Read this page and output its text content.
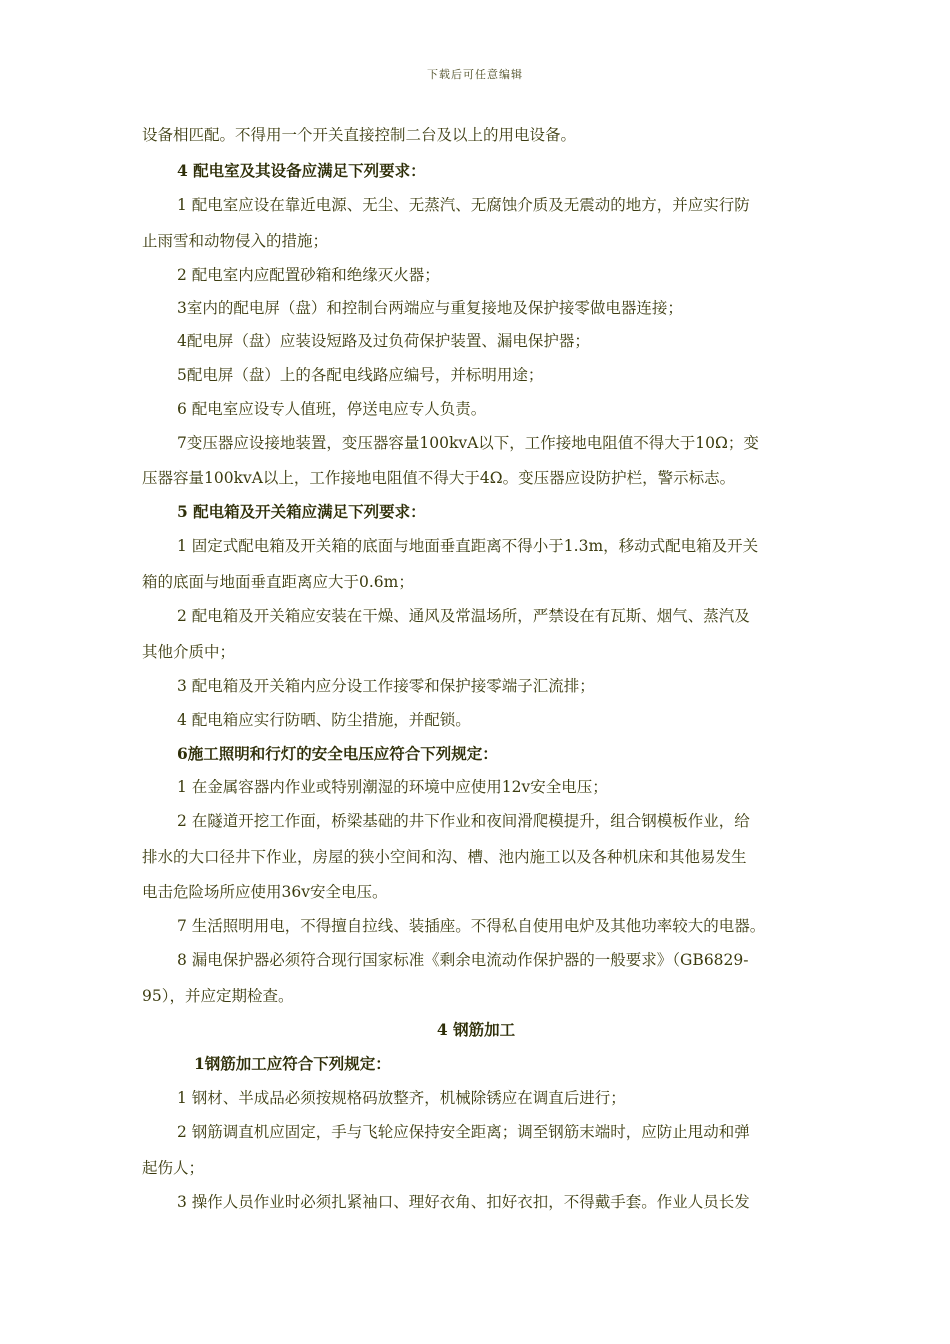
下载后可任意编辑
设备相匹配。不得用一个开关直接控制二台及以上的用电设备。
4 配电室及其设备应满足下列要求：
1 配电室应设在靠近电源、无尘、无蒸汽、无腐蚀介质及无震动的地方，并应实行防
止雨雪和动物侵入的措施；
2 配电室内应配置砂箱和绝缘灭火器；
3室内的配电屏（盘）和控制台两端应与重复接地及保护接零做电器连接；
4配电屏（盘）应装设短路及过负荷保护装置、漏电保护器；
5配电屏（盘）上的各配电线路应编号，并标明用途；
6 配电室应设专人值班，停送电应专人负责。
7变压器应设接地装置，变压器容量100kvA以下，工作接地电阻值不得大于10Ω；变
压器容量100kvA以上，工作接地电阻值不得大于4Ω。变压器应设防护栏，警示标志。
5 配电箱及开关箱应满足下列要求：
1 固定式配电箱及开关箱的底面与地面垂直距离不得小于1.3m，移动式配电箱及开关
箱的底面与地面垂直距离应大于0.6m；
2 配电箱及开关箱应安装在干燥、通风及常温场所，严禁设在有瓦斯、烟气、蒸汽及
其他介质中；
3 配电箱及开关箱内应分设工作接零和保护接零端子汇流排；
4 配电箱应实行防晒、防尘措施，并配锁。
6施工照明和行灯的安全电压应符合下列规定：
1 在金属容器内作业或特别潮湿的环境中应使用12v安全电压；
2 在隧道开挖工作面，桥梁基础的井下作业和夜间滑爬模提升，组合钢模板作业，给
排水的大口径井下作业，房屋的狭小空间和沟、槽、池内施工以及各种机床和其他易发生
电击危险场所应使用36v安全电压。
7 生活照明用电，不得擅自拉线、装插座。不得私自使用电炉及其他功率较大的电器。
8 漏电保护器必须符合现行国家标准《剩余电流动作保护器的一般要求》（GB6829-
95），并应定期检查。
4 钢筋加工
1钢筋加工应符合下列规定：
1 钢材、半成品必须按规格码放整齐，机械除锈应在调直后进行；
2 钢筋调直机应固定，手与飞轮应保持安全距离；调至钢筋末端时，应防止甩动和弹
起伤人；
3 操作人员作业时必须扎紧袖口、理好衣角、扣好衣扣，不得戴手套。作业人员长发
